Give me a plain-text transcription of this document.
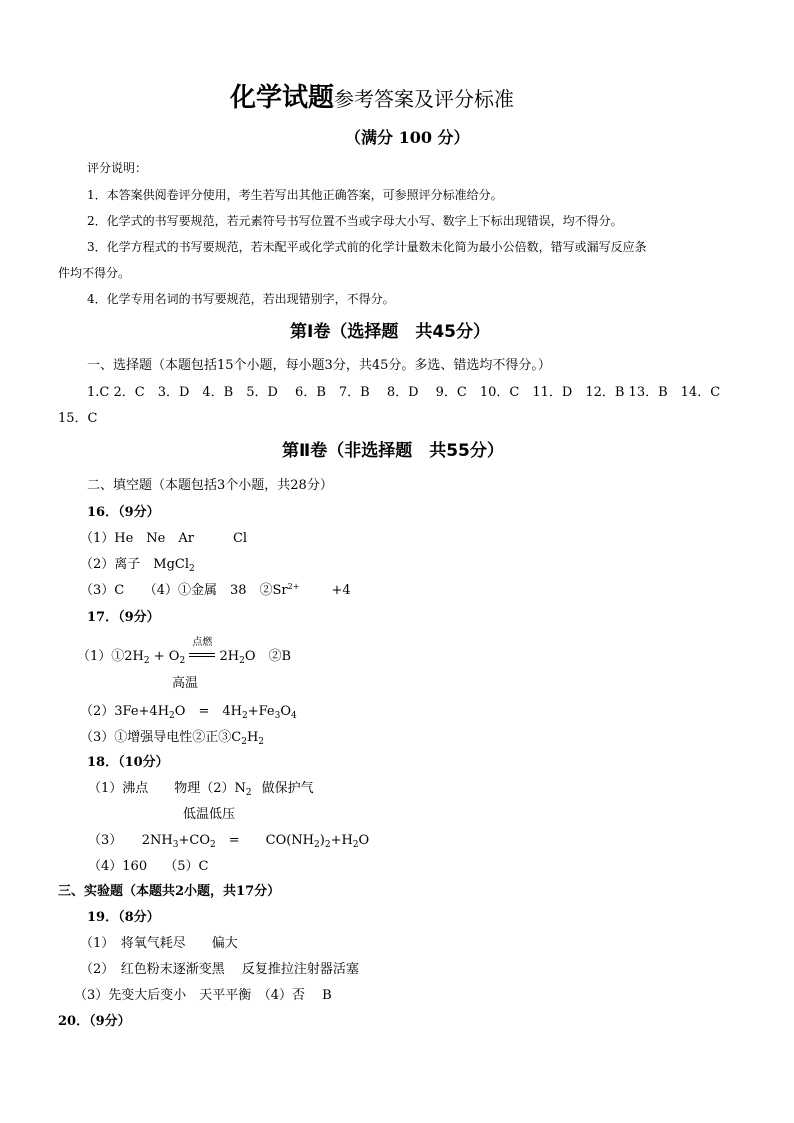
化学试题参考答案及评分标准
（满分 100 分）
评分说明：
1．本答案供阅卷评分使用，考生若写出其他正确答案，可参照评分标准给分。
2．化学式的书写要规范，若元素符号书写位置不当或字母大小写、数字上下标出现错误，均不得分。
3．化学方程式的书写要规范，若未配平或化学式前的化学计量数未化简为最小公倍数，错写或漏写反应条
件均不得分。
4．化学专用名词的书写要规范，若出现错别字，不得分。
第Ⅰ卷（选择题　共45分）
一、选择题（本题包括15个小题，每小题3分，共45分。多选、错选均不得分。）
1.C 2．C　3．D　4．B　5．D　 6．B　7．B　 8．D　 9．C　10．C　11．D　12．B 13．B　14．C
15．C
第Ⅱ卷（非选择题　共55分）
二、填空题（本题包括3个小题，共28分）
16．（9分）
（1）He　Ne　Ar　　　Cl
（2）离子　MgCl$_2$
（3）C　　（4）①金属　38　$②Sr^{2+} +4$
17．（9分）
$(1)①2H_2 + O_2$
点燃
$2H_2O$　②B
高温
$(2)3Fe+4H_2O$　=　$4H_2+Fe_3O_4$
（3）①增强导电性②正$③C_2H_2$
18．（10分）
（1）沸点　　物理$(2)N_2$ 做保护气
低温低压
（3）　　$2NH_3+CO_2$　=　　$CO(NH_2)_2+H_2O$
（4）160　 （5）C
三、实验题（本题共2小题，共17分）
19．（8分）
（1）　将氧气耗尽　　偏大
（2）　红色粉末逐渐变黑　 反复推拉注射器活塞
（3）先变大后变小　天平平衡　（4）否　 B
20．（9分）
